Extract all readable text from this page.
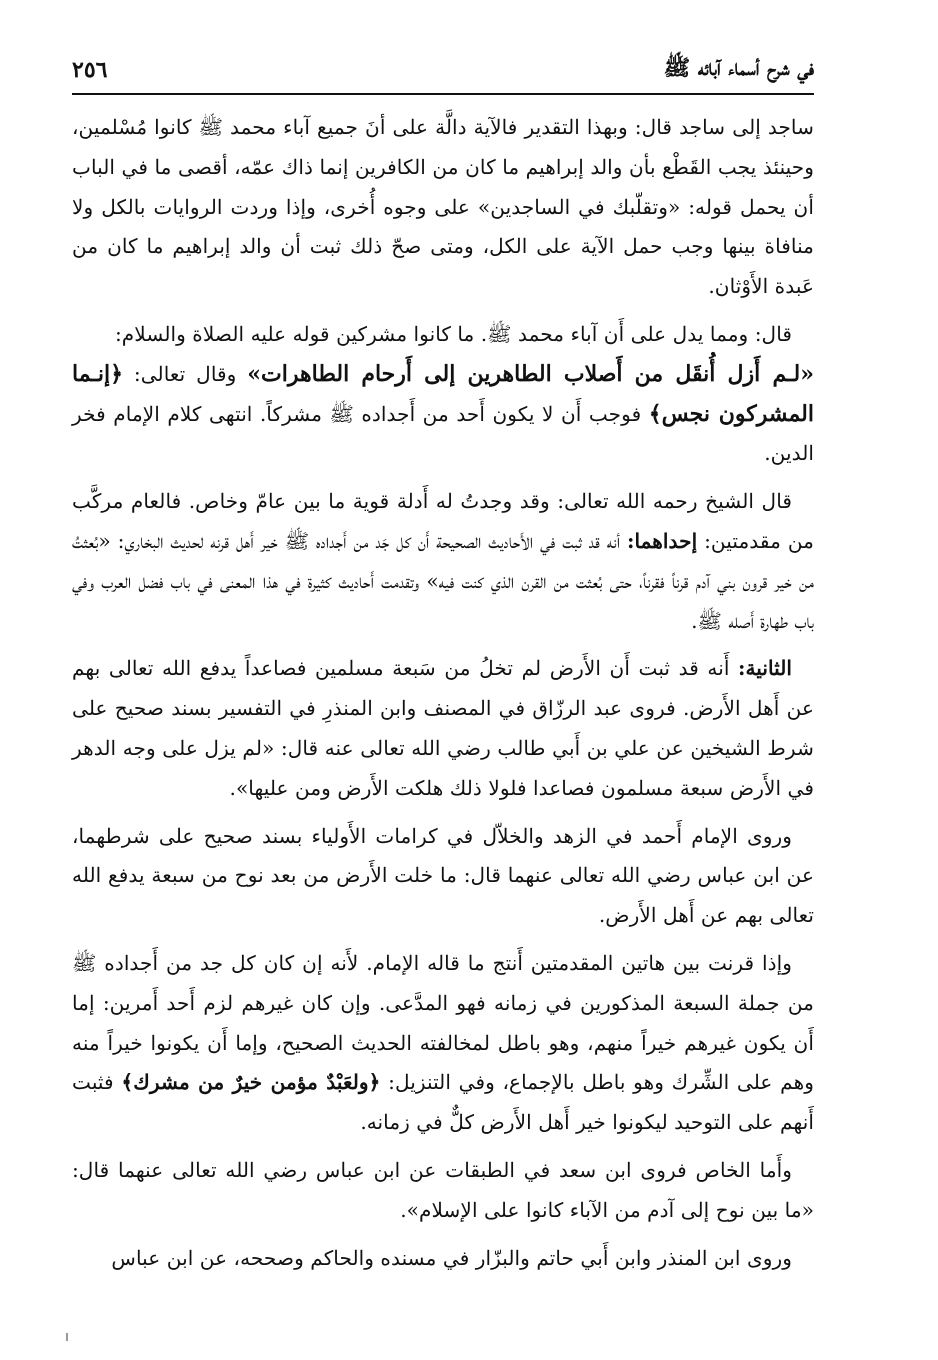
في شرح أسماء آبائه ﷺ
٢٥٦

ساجد إلى ساجد قال: وبهذا التقدير فالآية دالَّة على أنَ جميع آباء محمد ﷺ كانوا مُسْلمين، وحينئذ يجب القَطْع بأن والد إبراهيم ما كان من الكافرين إنما ذاك عمّه، أقصى ما في الباب أن يحمل قوله: «وتقلّبك في الساجدين» على وجوه أُخرى، وإذا وردت الروايات بالكل ولا منافاة بينها وجب حمل الآية على الكل، ومتى صحّ ذلك ثبت أن والد إبراهيم ما كان من عَبدة الأَوْثان.

قال: ومما يدل على أَن آباء محمد ﷺ. ما كانوا مشركين قوله عليه الصلاة والسلام:
«لـم أَزل أُنقَل من أَصلاب الطاهرين إلى أَرحام الطاهرات» وقال تعالى: ﴿إنـما المشركون نجس﴾ فوجب أَن لا يكون أَحد من أَجداده ﷺ مشركاً. انتهى كلام الإمام فخر الدين.

قال الشيخ رحمه الله تعالى: وقد وجدتُ له أَدلة قوية ما بين عامّ وخاص. فالعام مركَّب من مقدمتين: إحداهما: أنه قد ثبت في الأَحاديث الصحيحة أَن كل جَد من أَجداده ﷺ خير أَهل قرنه لحديث البخاري: «بُعثتُ من خير قرون بني آدم قرناً فقرناً، حتى بُعثت من القرن الذي كنت فيه» وتقدمت أَحاديث كثيرة في هذا المعنى في باب فضل العرب وفي باب طهارة أَصله ﷺ.

الثانية: أَنه قد ثبت أَن الأَرض لم تخلُ من سَبعة مسلمين فصاعداً يدفع الله تعالى بهم عن أَهل الأَرض. فروى عبد الرزّاق في المصنف وابن المنذرِ في التفسير بسند صحيح على شرط الشيخين عن علي بن أَبي طالب رضي الله تعالى عنه قال: «لم يزل على وجه الدهر في الأَرض سبعة مسلمون فصاعدا فلولا ذلك هلكت الأَرض ومن عليها».

وروى الإمام أَحمد في الزهد والخلاّل في كرامات الأَولياء بسند صحيح على شرطهما، عن ابن عباس رضي الله تعالى عنهما قال: ما خلت الأَرض من بعد نوح من سبعة يدفع الله تعالى بهم عن أَهل الأَرض.

وإذا قرنت بين هاتين المقدمتين أَنتج ما قاله الإمام. لأَنه إن كان كل جد من أَجداده ﷺ من جملة السبعة المذكورين في زمانه فهو المدَّعى. وإن كان غيرهم لزم أَحد أَمرين: إما أَن يكون غيرهم خيراً منهم، وهو باطل لمخالفته الحديث الصحيح، وإما أَن يكونوا خيراً منه وهم على الشِّرك وهو باطل بالإجماع، وفي التنزيل: ﴿ولعَبْدٌ مؤمن خيرٌ من مشرك﴾ فثبت أَنهم على التوحيد ليكونوا خير أَهل الأَرض كلٌّ في زمانه.

وأَما الخاص فروى ابن سعد في الطبقات عن ابن عباس رضي الله تعالى عنهما قال: «ما بين نوح إلى آدم من الآباء كانوا على الإسلام».

وروى ابن المنذر وابن أَبي حاتم والبزّار في مسنده والحاكم وصححه، عن ابن عباس
